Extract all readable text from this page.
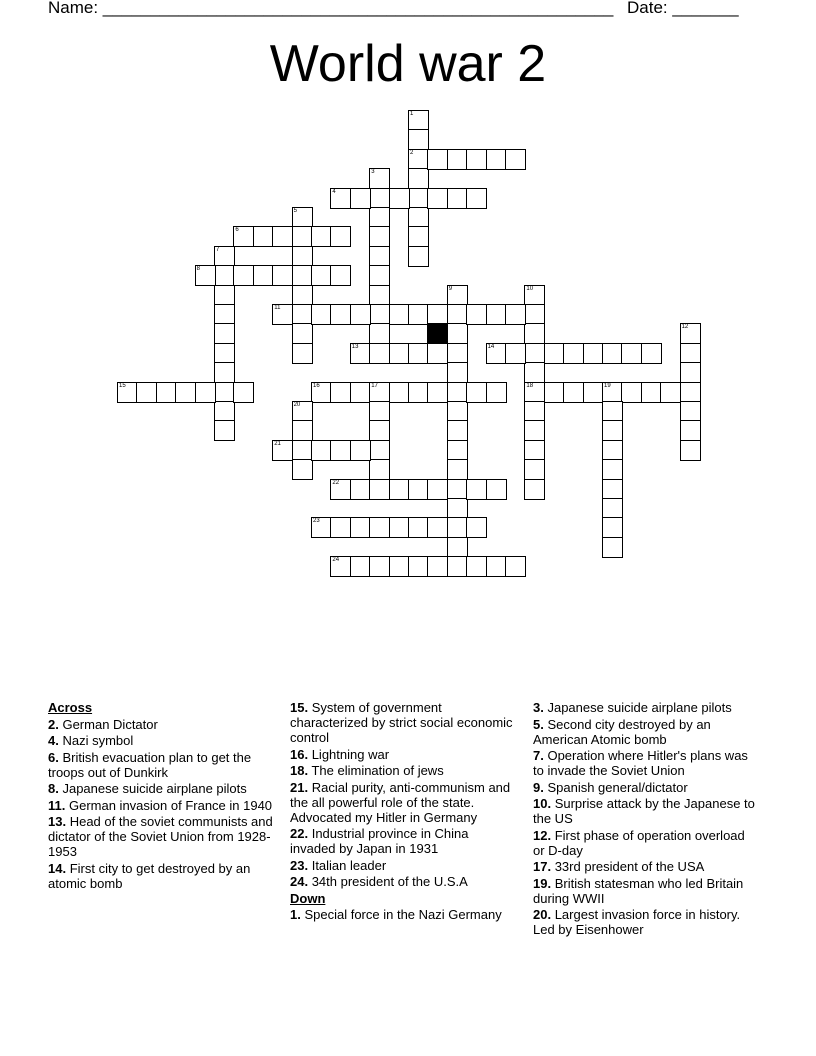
Name: ______________________________________________________ Date: _______
World war 2
1
2
3
4
5
6
7
8
9	10
18
11
12
13	14
15	16	17	19
20
21
22
23
24
Across
2. German Dictator
4. Nazi symbol
6. British evacuation plan to get the troops out of Dunkirk
8. Japanese suicide airplane pilots
11. German invasion of France in 1940
13. Head of the soviet communists and dictator of the Soviet Union from 1928-1953
14. First city to get destroyed by an atomic bomb
15. System of government characterized by strict social economic control
16. Lightning war
18. The elimination of jews
21. Racial purity, anti-communism and the all powerful role of the state. Advocated my Hitler in Germany
22. Industrial province in China invaded by Japan in 1931
23. Italian leader
24. 34th president of the U.S.A
Down
1. Special force in the Nazi Germany
3. Japanese suicide airplane pilots
5. Second city destroyed by an American Atomic bomb
7. Operation where Hitler's plans was to invade the Soviet Union
9. Spanish general/dictator
10. Surprise attack by the Japanese to the US
12. First phase of operation overload or D-day
17. 33rd president of the USA
19. British statesman who led Britain during WWII
20. Largest invasion force in history. Led by Eisenhower
